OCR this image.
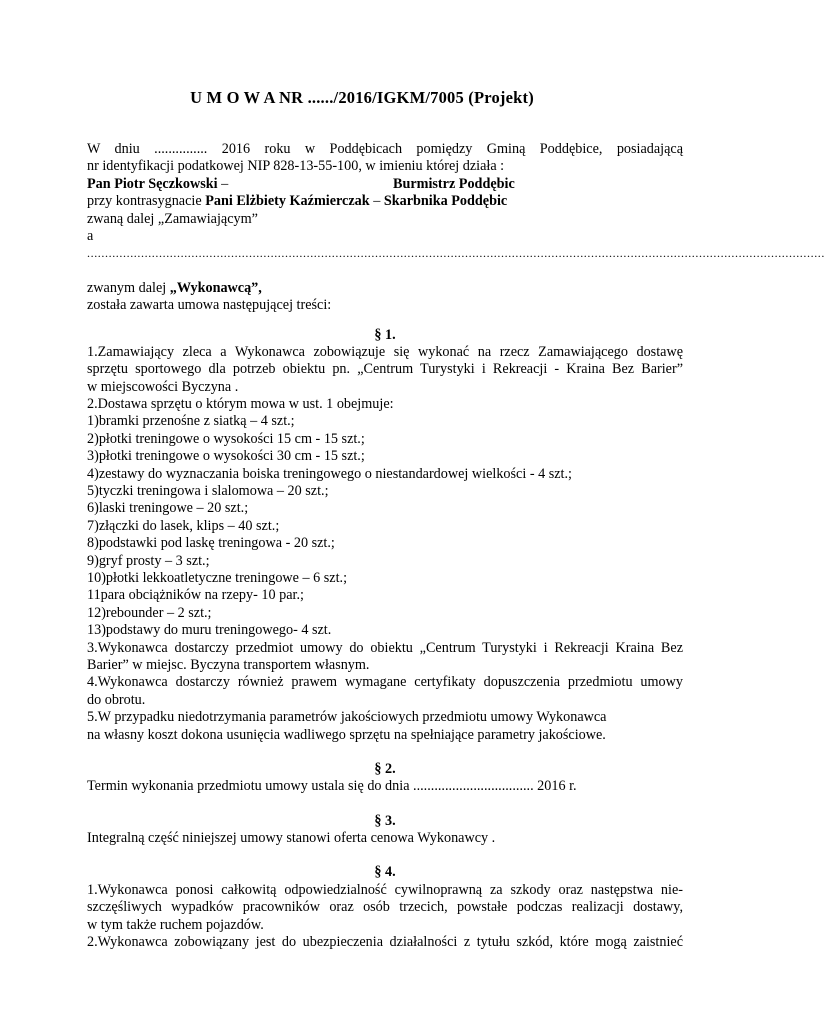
U M O W A NR ....../2016/IGKM/7005 (Projekt)
W dniu ............... 2016 roku w Poddębicach pomiędzy Gminą Poddębice, posiadającą
nr identyfikacji podatkowej NIP 828-13-55-100, w imieniu której działa :
Pan Piotr Sęczkowski –	Burmistrz Poddębic
przy kontrasygnacie Pani Elżbiety Kaźmierczak – Skarbnika Poddębic
zwaną dalej „Zamawiającym”
a
.............................................................................................................................................................................................................
zwanym dalej „Wykonawcą”,
została zawarta umowa następującej treści:
§ 1.
1.Zamawiający zleca a Wykonawca zobowiązuje się wykonać na rzecz Zamawiającego dostawę
sprzętu sportowego dla potrzeb obiektu pn. „Centrum Turystyki i Rekreacji - Kraina Bez Barier”
w miejscowości Byczyna .
2.Dostawa sprzętu o którym mowa w ust. 1 obejmuje:
1)bramki przenośne z siatką – 4 szt.;
2)płotki treningowe o wysokości 15 cm - 15 szt.;
3)płotki treningowe o wysokości 30 cm - 15 szt.;
4)zestawy do wyznaczania boiska treningowego o niestandardowej wielkości - 4 szt.;
5)tyczki treningowa i slalomowa – 20 szt.;
6)laski treningowe – 20 szt.;
7)złączki do lasek, klips – 40 szt.;
8)podstawki pod laskę treningowa - 20 szt.;
9)gryf prosty – 3 szt.;
10)płotki lekkoatletyczne treningowe – 6 szt.;
11para obciążników na rzepy- 10 par.;
12)rebounder – 2 szt.;
13)podstawy do muru treningowego- 4 szt.
3.Wykonawca dostarczy przedmiot umowy do obiektu „Centrum Turystyki i Rekreacji Kraina Bez
Barier” w miejsc. Byczyna transportem własnym.
4.Wykonawca dostarczy również prawem wymagane certyfikaty dopuszczenia przedmiotu umowy
do obrotu.
5.W przypadku niedotrzymania parametrów jakościowych przedmiotu umowy Wykonawca
na własny koszt dokona usunięcia wadliwego sprzętu na spełniające parametry jakościowe.
§ 2.
Termin wykonania przedmiotu umowy ustala się do dnia .................................. 2016 r.
§ 3.
Integralną część niniejszej umowy stanowi oferta cenowa Wykonawcy .
§ 4.
1.Wykonawca ponosi całkowitą odpowiedzialność cywilnoprawną za szkody oraz następstwa nie-
szczęśliwych wypadków pracowników oraz osób trzecich, powstałe podczas realizacji dostawy,
w tym także ruchem pojazdów.
2.Wykonawca zobowiązany jest do ubezpieczenia działalności z tytułu szkód, które mogą zaistnieć
